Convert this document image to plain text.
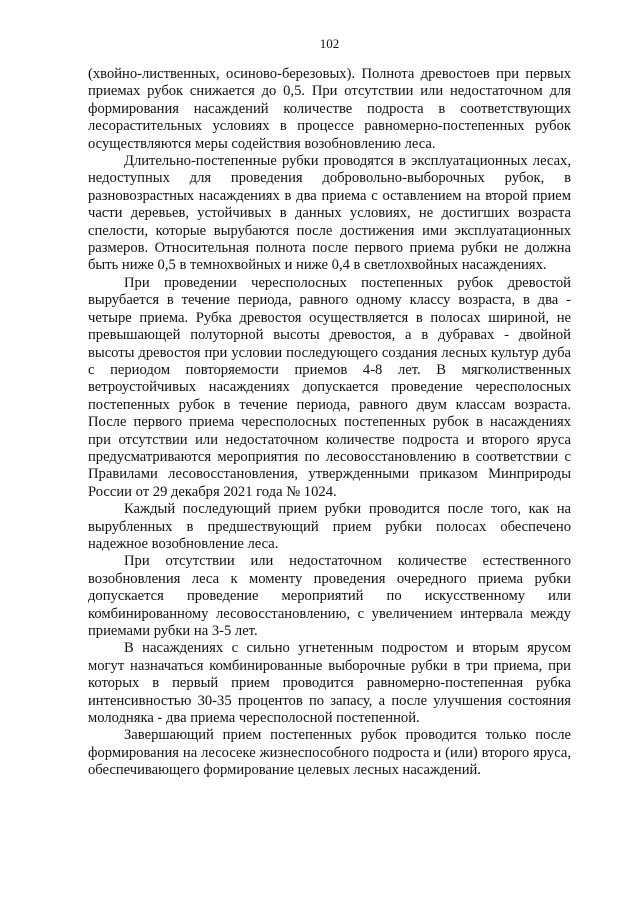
102

(хвойно-лиственных, осиново-березовых). Полнота древостоев при первых приемах рубок снижается до 0,5. При отсутствии или недостаточном для формирования насаждений количестве подроста в соответствующих лесорастительных условиях в процессе равномерно-постепенных рубок осуществляются меры содействия возобновлению леса.

Длительно-постепенные рубки проводятся в эксплуатационных лесах, недоступных для проведения добровольно-выборочных рубок, в разновозрастных насаждениях в два приема с оставлением на второй прием части деревьев, устойчивых в данных условиях, не достигших возраста спелости, которые вырубаются после достижения ими эксплуатационных размеров. Относительная полнота после первого приема рубки не должна быть ниже 0,5 в темнохвойных и ниже 0,4 в светлохвойных насаждениях.

При проведении чересполосных постепенных рубок древостой вырубается в течение периода, равного одному классу возраста, в два - четыре приема. Рубка древостоя осуществляется в полосах шириной, не превышающей полуторной высоты древостоя, а в дубравах - двойной высоты древостоя при условии последующего создания лесных культур дуба с периодом повторяемости приемов 4-8 лет. В мягколиственных ветроустойчивых насаждениях допускается проведение чересполосных постепенных рубок в течение периода, равного двум классам возраста. После первого приема чересполосных постепенных рубок в насаждениях при отсутствии или недостаточном количестве подроста и второго яруса предусматриваются мероприятия по лесовосстановлению в соответствии с Правилами лесовосстановления, утвержденными приказом Минприроды России от 29 декабря 2021 года № 1024.

Каждый последующий прием рубки проводится после того, как на вырубленных в предшествующий прием рубки полосах обеспечено надежное возобновление леса.

При отсутствии или недостаточном количестве естественного возобновления леса к моменту проведения очередного приема рубки допускается проведение мероприятий по искусственному или комбинированному лесовосстановлению, с увеличением интервала между приемами рубки на 3-5 лет.

В насаждениях с сильно угнетенным подростом и вторым ярусом могут назначаться комбинированные выборочные рубки в три приема, при которых в первый прием проводится равномерно-постепенная рубка интенсивностью 30-35 процентов по запасу, а после улучшения состояния молодняка - два приема чересполосной постепенной.

Завершающий прием постепенных рубок проводится только после формирования на лесосеке жизнеспособного подроста и (или) второго яруса, обеспечивающего формирование целевых лесных насаждений.
